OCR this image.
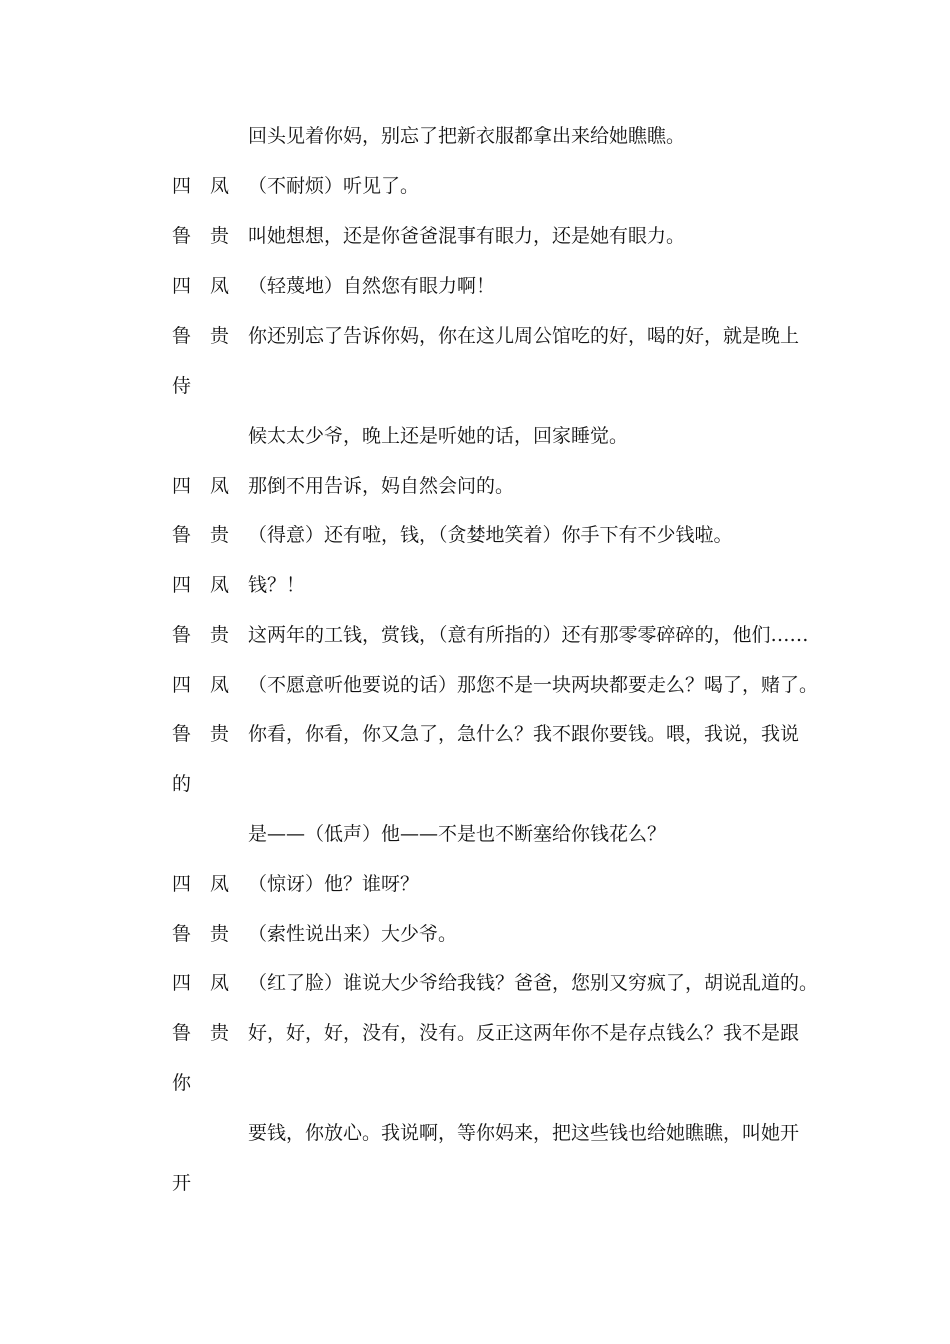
回头见着你妈，别忘了把新衣服都拿出来给她瞧瞧。
四 凤 （不耐烦）听见了。
鲁 贵 叫她想想，还是你爸爸混事有眼力，还是她有眼力。
四 凤 （轻蔑地）自然您有眼力啊！
鲁 贵 你还别忘了告诉你妈，你在这儿周公馆吃的好，喝的好，就是晚上
侍
候太太少爷，晚上还是听她的话，回家睡觉。
四 凤 那倒不用告诉，妈自然会问的。
鲁 贵 （得意）还有啦，钱，（贪婪地笑着）你手下有不少钱啦。
四 凤 钱？！
鲁 贵 这两年的工钱，赏钱，（意有所指的）还有那零零碎碎的，他们……
四 凤 （不愿意听他要说的话）那您不是一块两块都要走么？喝了，赌了。
鲁 贵 你看，你看，你又急了，急什么？我不跟你要钱。喂，我说，我说
的
是——（低声）他——不是也不断塞给你钱花么？
四 凤 （惊讶）他？谁呀？
鲁 贵 （索性说出来）大少爷。
四 凤 （红了脸）谁说大少爷给我钱？爸爸，您别又穷疯了，胡说乱道的。
鲁 贵 好，好，好，没有，没有。反正这两年你不是存点钱么？我不是跟
你
要钱，你放心。我说啊，等你妈来，把这些钱也给她瞧瞧，叫她开
开
